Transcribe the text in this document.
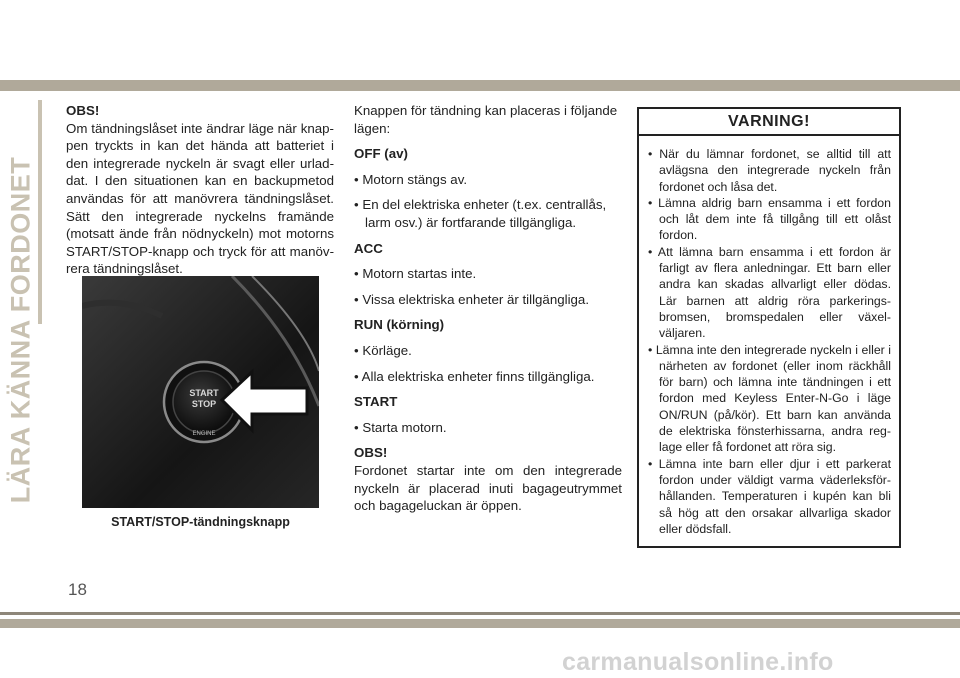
LÄRA KÄNNA FORDONET

OBS!

Om tändningslåset inte ändrar läge när knap-pen tryckts in kan det hända att batteriet i den integrerade nyckeln är svagt eller urlad-dat. I den situationen kan en backupmetod användas för att manövrera tändningslåset. Sätt den integrerade nyckelns framände (motsatt ände från nödnyckeln) mot motorns START/STOP-knapp och tryck för att manöv-rera tändningslåset.

START
STOP
ENGINE
START/STOP-tändningsknapp

Knappen för tändning kan placeras i följande lägen:

OFF (av)

• Motorn stängs av.

• En del elektriska enheter (t.ex. centrallås, larm osv.) är fortfarande tillgängliga.

ACC

• Motorn startas inte.

• Vissa elektriska enheter är tillgängliga.

RUN (körning)

• Körläge.

• Alla elektriska enheter finns tillgängliga.

START

• Starta motorn.

OBS!

Fordonet startar inte om den integrerade nyckeln är placerad inuti bagageutrymmet och bagageluckan är öppen.

VARNING!

• När du lämnar fordonet, se alltid till att avlägsna den integrerade nyckeln från fordonet och låsa det.

• Lämna aldrig barn ensamma i ett fordon och låt dem inte få tillgång till ett olåst fordon.

• Att lämna barn ensamma i ett fordon är farligt av flera anledningar. Ett barn eller andra kan skadas allvarligt eller dödas. Lär barnen att aldrig röra parkerings-bromsen, bromspedalen eller växel-väljaren.

• Lämna inte den integrerade nyckeln i eller i närheten av fordonet (eller inom räckhåll för barn) och lämna inte tändningen i ett fordon med Keyless Enter-N-Go i läge ON/RUN (på/kör). Ett barn kan använda de elektriska fönsterhissarna, andra reg-lage eller få fordonet att röra sig.

• Lämna inte barn eller djur i ett parkerat fordon under väldigt varma väderleksför-hållanden. Temperaturen i kupén kan bli så hög att den orsakar allvarliga skador eller dödsfall.

18
carmanualsonline.info
